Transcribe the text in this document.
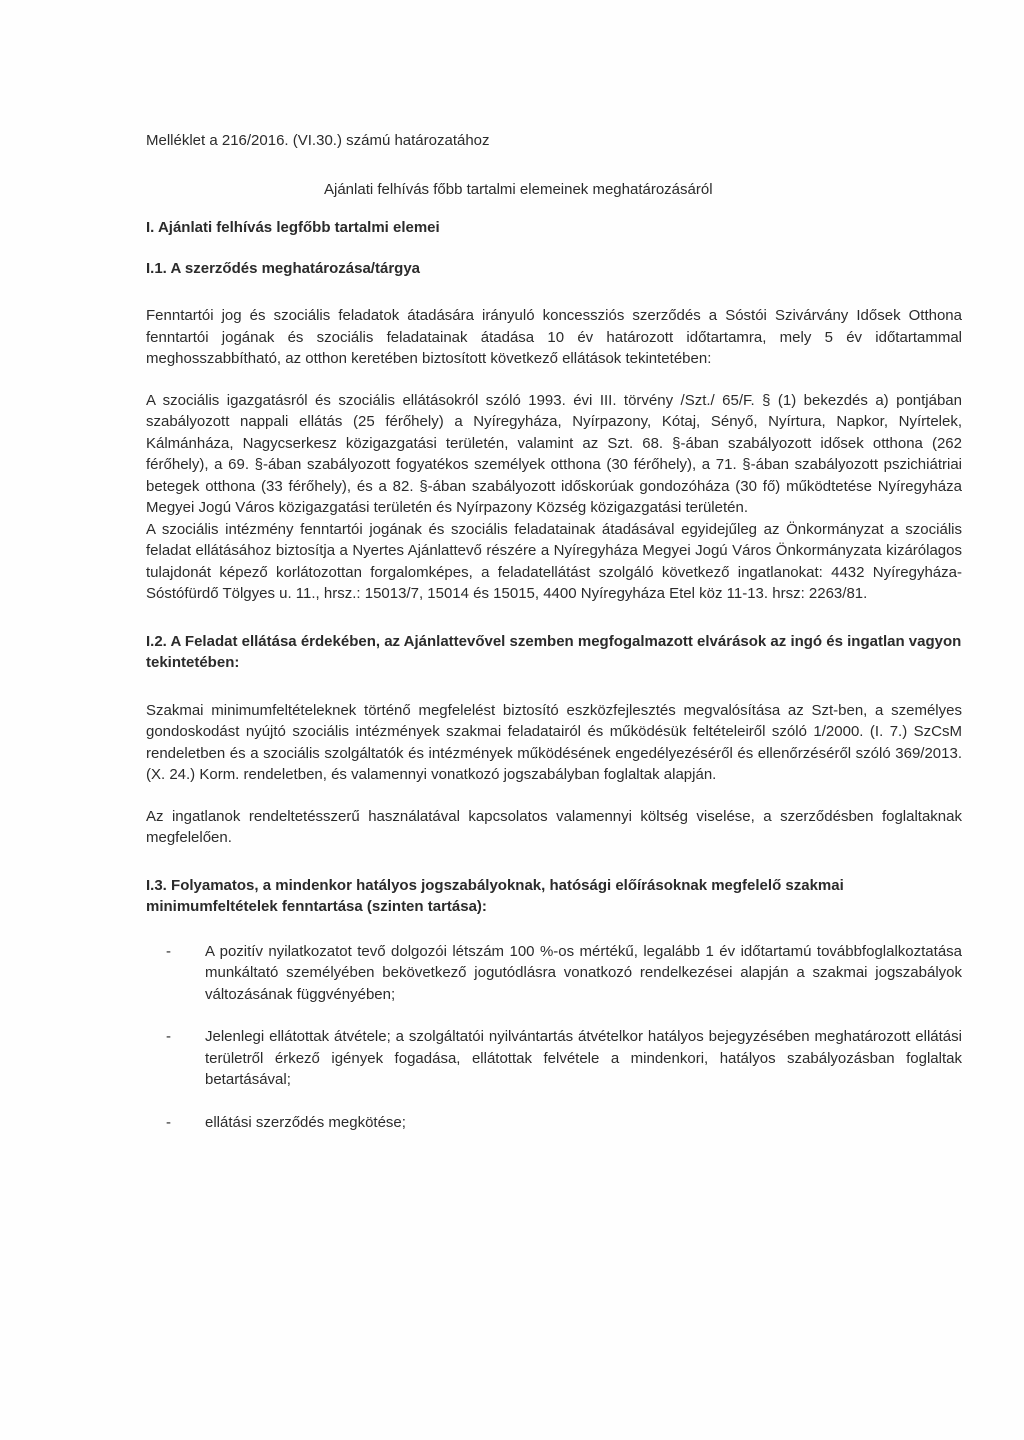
Melléklet a 216/2016. (VI.30.) számú határozatához

Ajánlati felhívás főbb tartalmi elemeinek meghatározásáról

I. Ajánlati felhívás legfőbb tartalmi elemei

I.1. A szerződés meghatározása/tárgya

Fenntartói jog és szociális feladatok átadására irányuló koncessziós szerződés a Sóstói Szivárvány Idősek Otthona fenntartói jogának és szociális feladatainak átadása 10 év határozott időtartamra, mely 5 év időtartammal meghosszabbítható, az otthon keretében biztosított következő ellátások tekintetében:

A szociális igazgatásról és szociális ellátásokról szóló 1993. évi III. törvény /Szt./ 65/F. § (1) bekezdés a) pontjában szabályozott nappali ellátás (25 férőhely) a Nyíregyháza, Nyírpazony, Kótaj, Sényő, Nyírtura, Napkor, Nyírtelek, Kálmánháza, Nagycserkesz közigazgatási területén, valamint az Szt. 68. §-ában szabályozott idősek otthona (262 férőhely), a 69. §-ában szabályozott fogyatékos személyek otthona (30 férőhely), a 71. §-ában szabályozott pszichiátriai betegek otthona (33 férőhely), és a 82. §-ában szabályozott időskorúak gondozóháza (30 fő) működtetése Nyíregyháza Megyei Jogú Város közigazgatási területén és Nyírpazony Község közigazgatási területén.

A szociális intézmény fenntartói jogának és szociális feladatainak átadásával egyidejűleg az Önkormányzat a szociális feladat ellátásához biztosítja a Nyertes Ajánlattevő részére a Nyíregyháza Megyei Jogú Város Önkormányzata kizárólagos tulajdonát képező korlátozottan forgalomképes, a feladatellátást szolgáló következő ingatlanokat: 4432 Nyíregyháza-Sóstófürdő Tölgyes u. 11., hrsz.: 15013/7, 15014 és 15015, 4400 Nyíregyháza Etel köz 11-13. hrsz: 2263/81.

I.2. A Feladat ellátása érdekében, az Ajánlattevővel szemben megfogalmazott elvárások az ingó és ingatlan vagyon tekintetében:

Szakmai minimumfeltételeknek történő megfelelést biztosító eszközfejlesztés megvalósítása az Szt-ben, a személyes gondoskodást nyújtó szociális intézmények szakmai feladatairól és működésük feltételeiről szóló 1/2000. (I. 7.) SzCsM rendeletben és a szociális szolgáltatók és intézmények működésének engedélyezéséről és ellenőrzéséről szóló 369/2013. (X. 24.) Korm. rendeletben, és valamennyi vonatkozó jogszabályban foglaltak alapján.

Az ingatlanok rendeltetésszerű használatával kapcsolatos valamennyi költség viselése, a szerződésben foglaltaknak megfelelően.

I.3. Folyamatos, a mindenkor hatályos jogszabályoknak, hatósági előírásoknak megfelelő szakmai minimumfeltételek fenntartása (szinten tartása):

- A pozitív nyilatkozatot tevő dolgozói létszám 100 %-os mértékű, legalább 1 év időtartamú továbbfoglalkoztatása munkáltató személyében bekövetkező jogutódlásra vonatkozó rendelkezései alapján a szakmai jogszabályok változásának függvényében;
- Jelenlegi ellátottak átvétele; a szolgáltatói nyilvántartás átvételkor hatályos bejegyzésében meghatározott ellátási területről érkező igények fogadása, ellátottak felvétele a mindenkori, hatályos szabályozásban foglaltak betartásával;
- ellátási szerződés megkötése;
